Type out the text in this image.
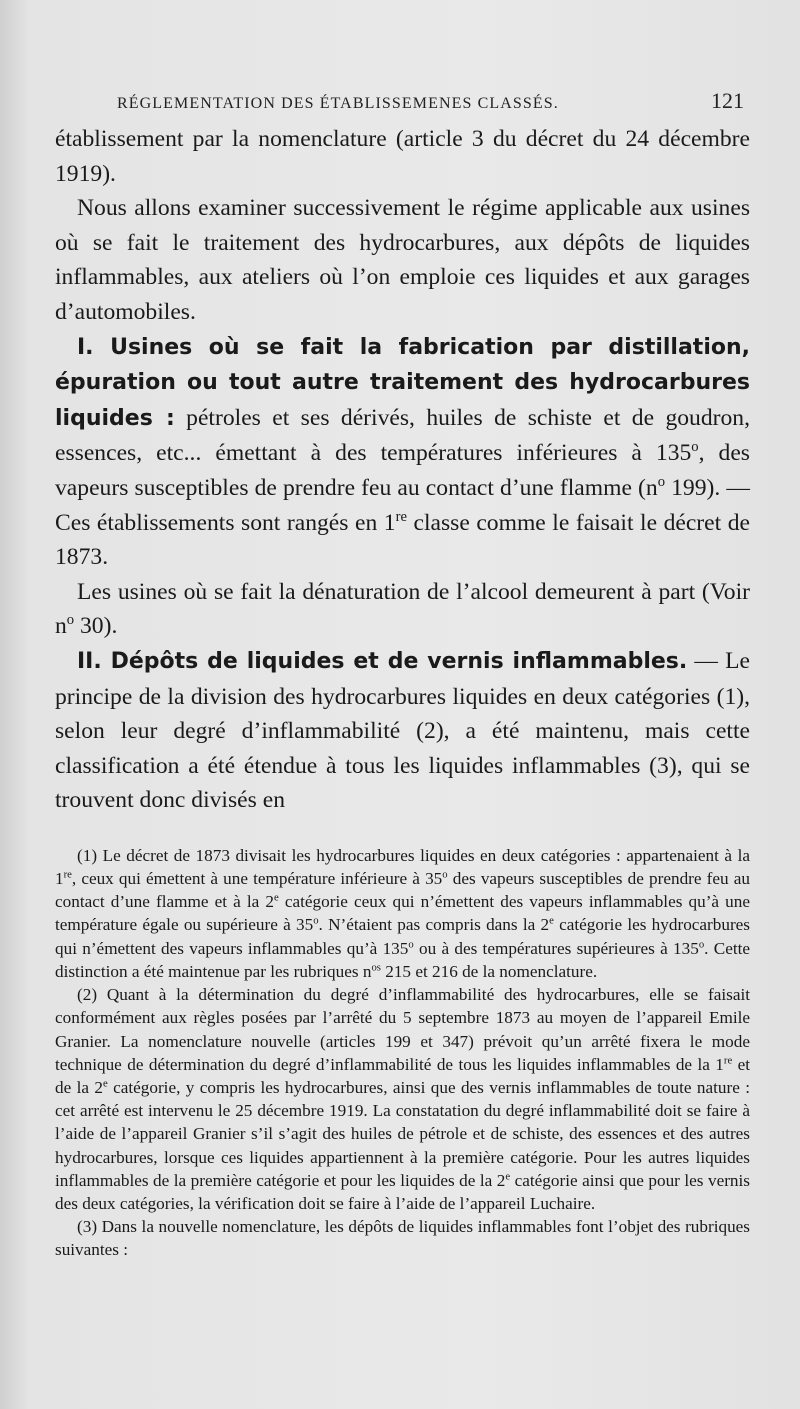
RÉGLEMENTATION DES ÉTABLISSEMENES CLASSÉS.	121

établissement par la nomenclature (article 3 du décret du 24 décembre 1919).

Nous allons examiner successivement le régime applicable aux usines où se fait le traitement des hydrocarbures, aux dépôts de liquides inflammables, aux ateliers où l’on emploie ces liquides et aux garages d’automobiles.

I. Usines où se fait la fabrication par distillation, épuration ou tout autre traitement des hydrocarbures liquides : pétroles et ses dérivés, huiles de schiste et de goudron, essences, etc... émettant à des températures inférieures à 135$^o$, des vapeurs susceptibles de prendre feu au contact d’une flamme ($n^o$ 199). — Ces établissements sont rangés en 1re classe comme le faisait le décret de 1873.

Les usines où se fait la dénaturation de l’alcool demeurent à part (Voir $n^o$ 30).

II. Dépôts de liquides et de vernis inflammables. — Le principe de la division des hydrocarbures liquides en deux catégories (1), selon leur degré d’inflammabilité (2), a été maintenu, mais cette classification a été étendue à tous les liquides inflammables (3), qui se trouvent donc divisés en

(1) Le décret de 1873 divisait les hydrocarbures liquides en deux catégories : appartenaient à la 1re, ceux qui émettent à une température inférieure à 35$^o$ des vapeurs susceptibles de prendre feu au contact d’une flamme et à la 2e catégorie ceux qui n’émettent des vapeurs inflammables qu’à une température égale ou supérieure à 35$^o$. N’étaient pas compris dans la 2e catégorie les hydrocarbures qui n’émettent des vapeurs inflammables qu’à 135$^o$ ou à des températures supérieures à 135$^o$. Cette distinction a été maintenue par les rubriques $n^{os}$ 215 et 216 de la nomenclature.

(2) Quant à la détermination du degré d’inflammabilité des hydrocarbures, elle se faisait conformément aux règles posées par l’arrêté du 5 septembre 1873 au moyen de l’appareil Emile Granier. La nomenclature nouvelle (articles 199 et 347) prévoit qu’un arrêté fixera le mode technique de détermination du degré d’inflammabilité de tous les liquides inflammables de la 1re et de la 2e catégorie, y compris les hydrocarbures, ainsi que des vernis inflammables de toute nature : cet arrêté est intervenu le 25 décembre 1919. La constatation du degré inflammabilité doit se faire à l’aide de l’appareil Granier s’il s’agit des huiles de pétrole et de schiste, des essences et des autres hydrocarbures, lorsque ces liquides appartiennent à la première catégorie. Pour les autres liquides inflammables de la première catégorie et pour les liquides de la 2e catégorie ainsi que pour les vernis des deux catégories, la vérification doit se faire à l’aide de l’appareil Luchaire.

(3) Dans la nouvelle nomenclature, les dépôts de liquides inflammables font l’objet des rubriques suivantes :
